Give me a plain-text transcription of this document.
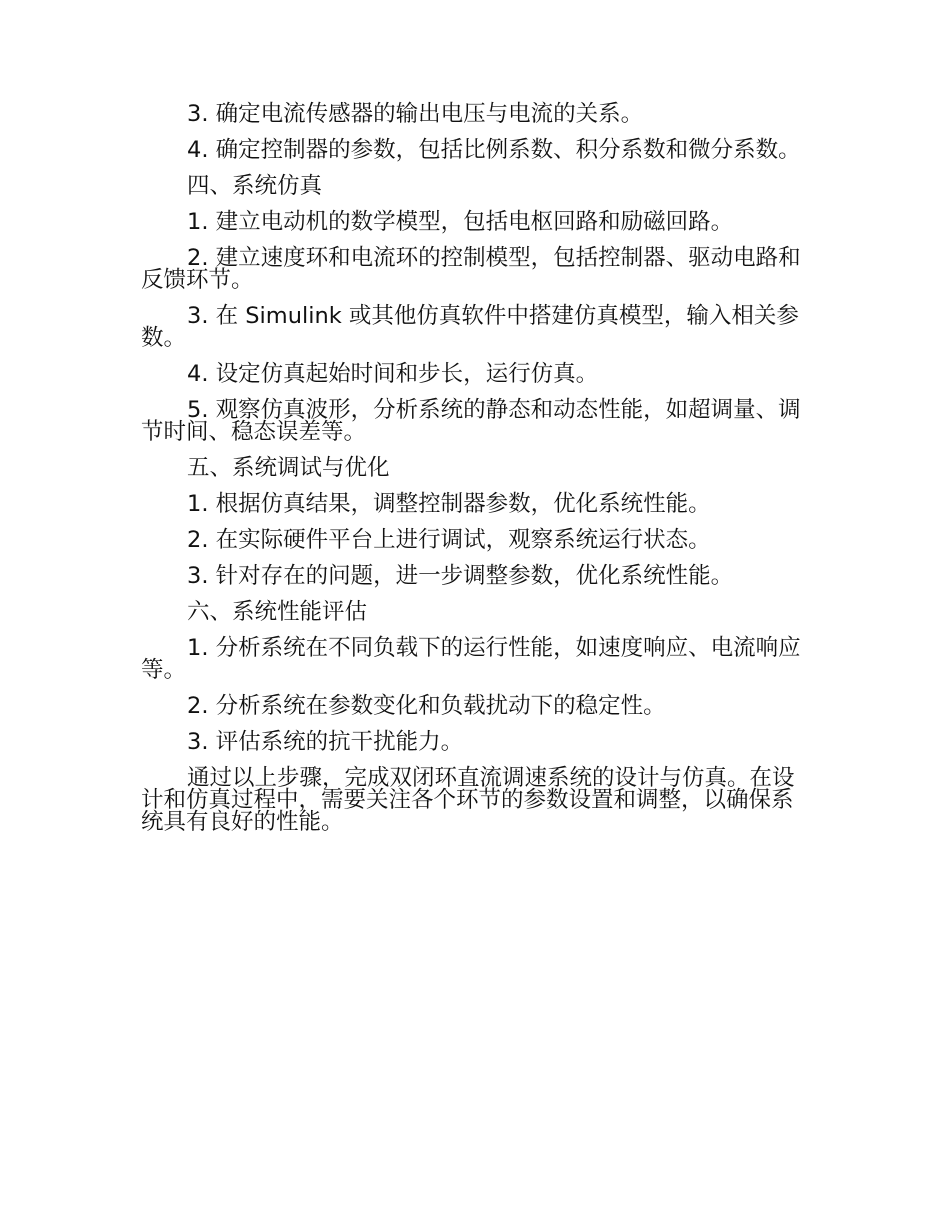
3. 确定电流传感器的输出电压与电流的关系。

4. 确定控制器的参数，包括比例系数、积分系数和微分系数。

四、系统仿真

1. 建立电动机的数学模型，包括电枢回路和励磁回路。

2. 建立速度环和电流环的控制模型，包括控制器、驱动电路和反馈环节。

3. 在 Simulink 或其他仿真软件中搭建仿真模型，输入相关参数。

4. 设定仿真起始时间和步长，运行仿真。

5. 观察仿真波形，分析系统的静态和动态性能，如超调量、调节时间、稳态误差等。

五、系统调试与优化

1. 根据仿真结果，调整控制器参数，优化系统性能。

2. 在实际硬件平台上进行调试，观察系统运行状态。

3. 针对存在的问题，进一步调整参数，优化系统性能。

六、系统性能评估

1. 分析系统在不同负载下的运行性能，如速度响应、电流响应等。

2. 分析系统在参数变化和负载扰动下的稳定性。

3. 评估系统的抗干扰能力。

通过以上步骤，完成双闭环直流调速系统的设计与仿真。在设计和仿真过程中，需要关注各个环节的参数设置和调整，以确保系统具有良好的性能。
